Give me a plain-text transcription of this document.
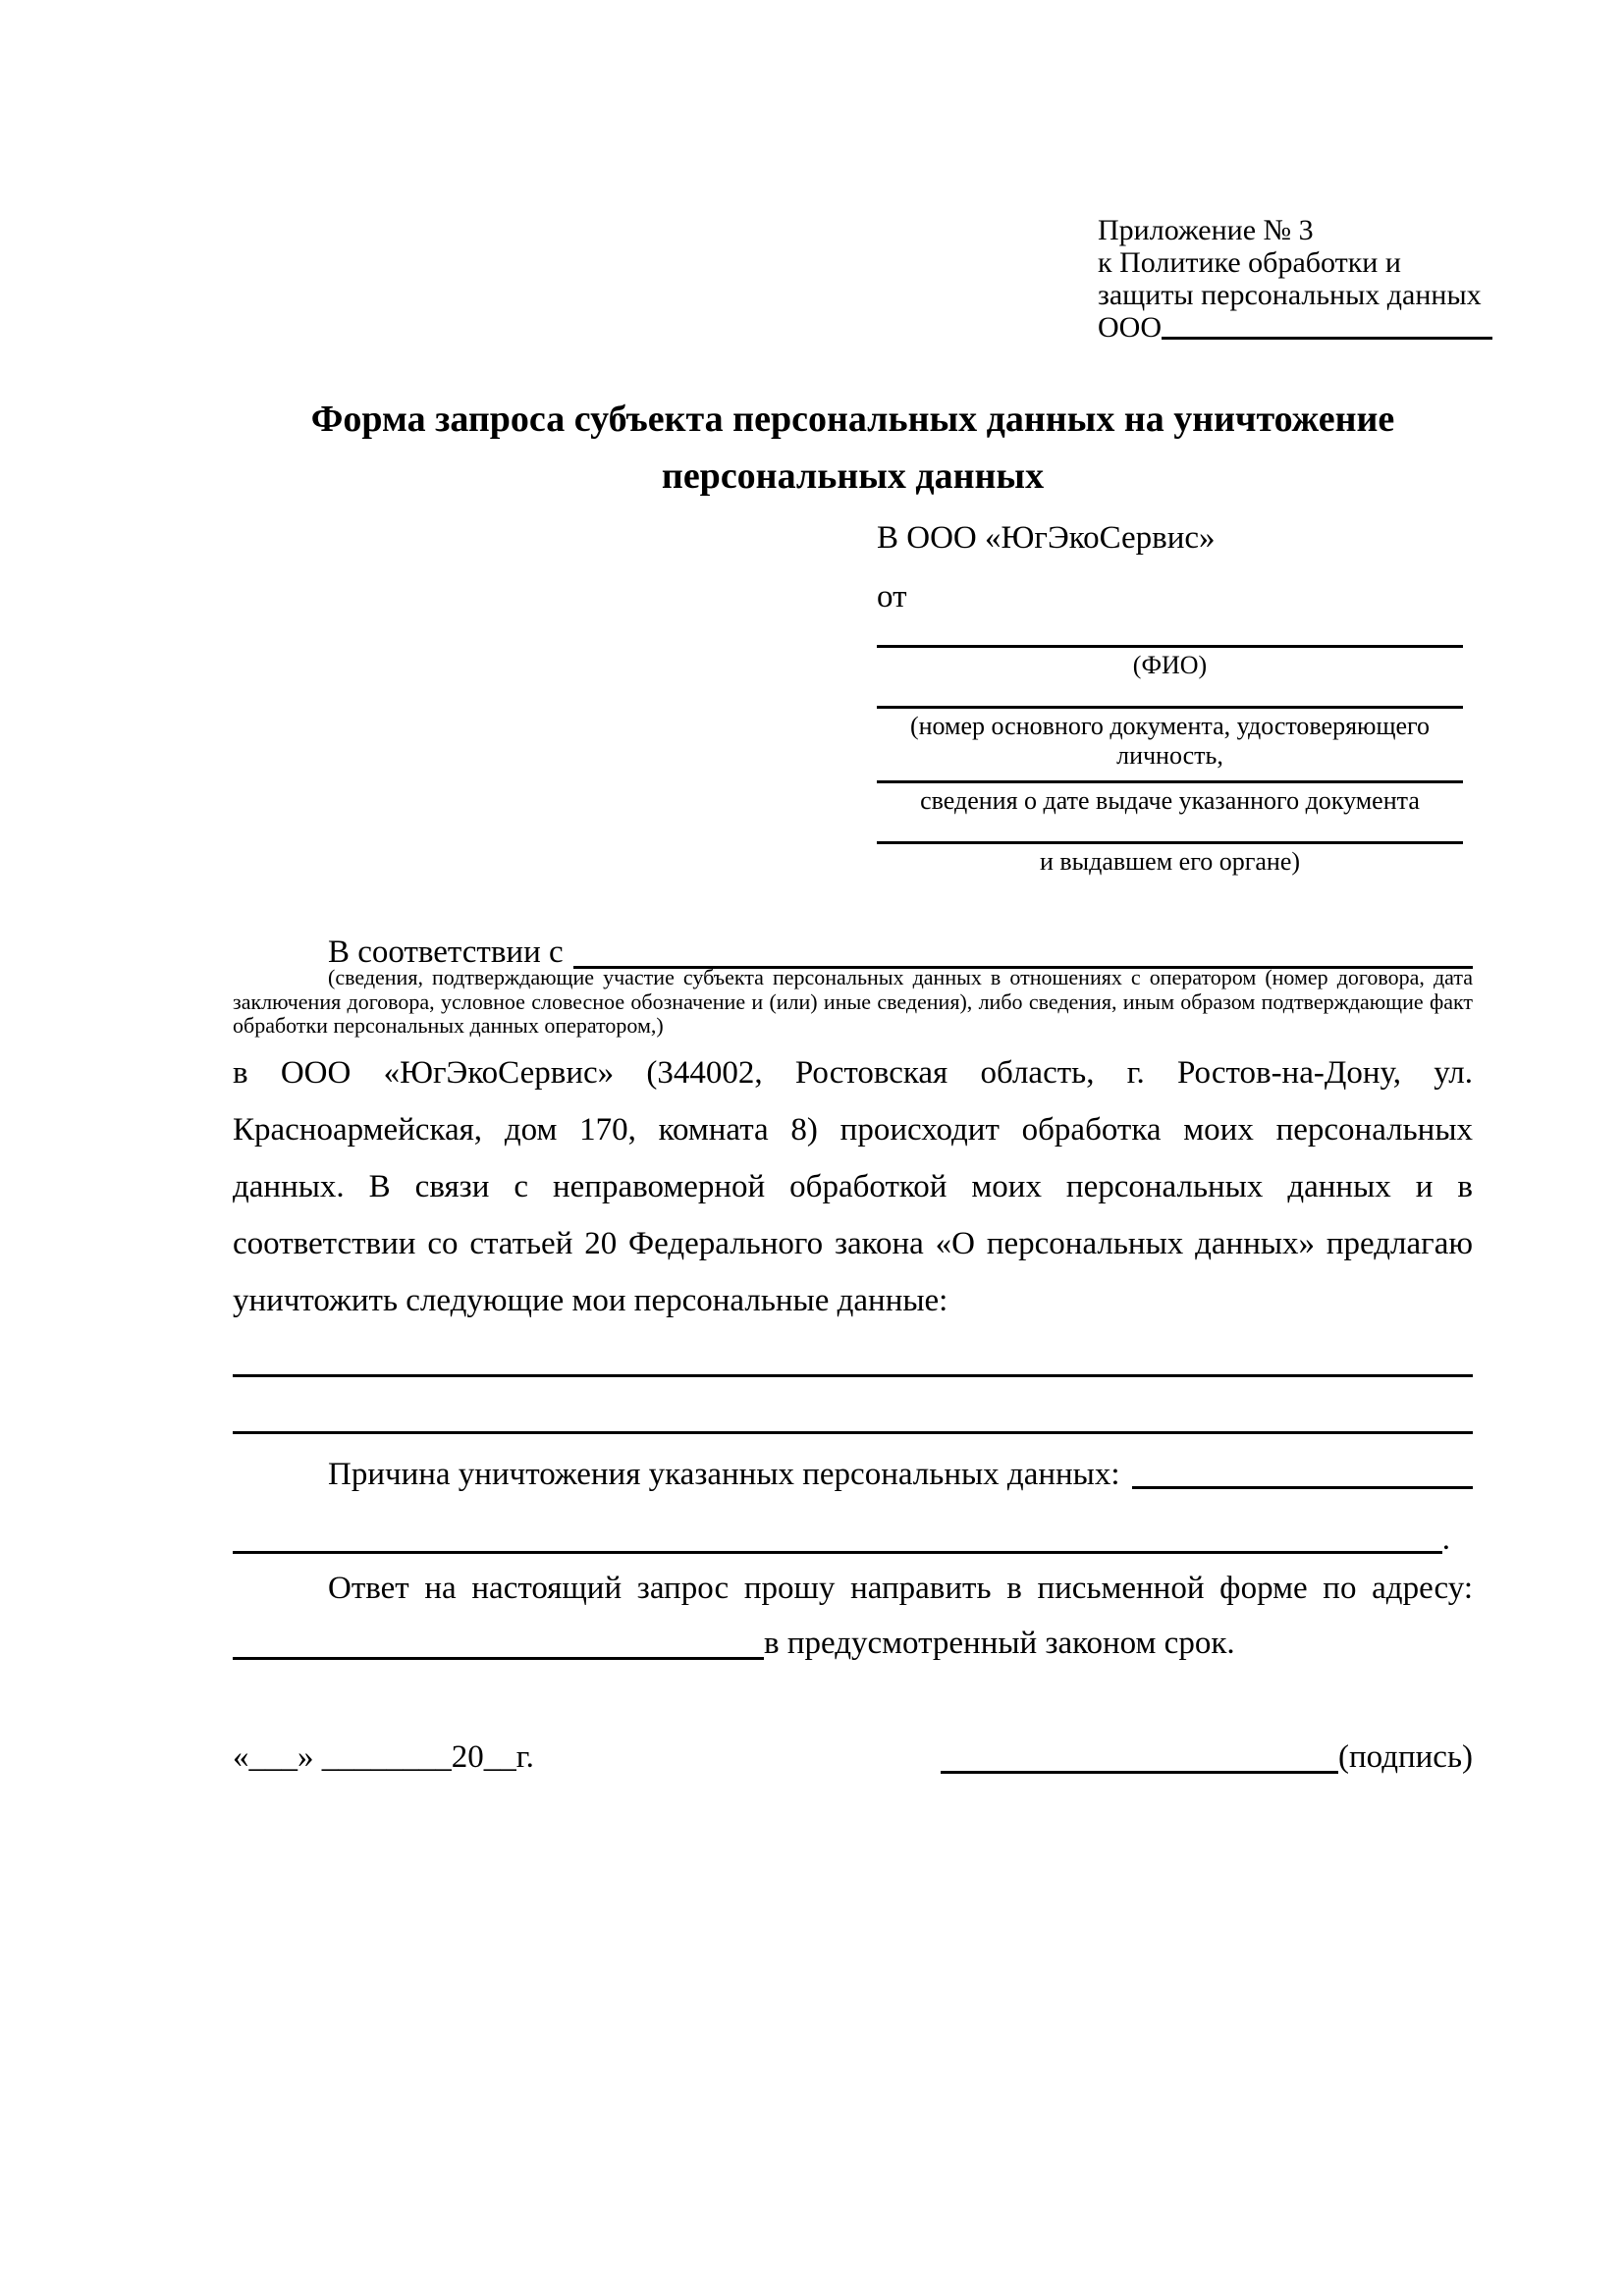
Приложение № 3
к Политике обработки и
защиты персональных данных
ООО
Форма запроса субъекта персональных данных на уничтожение персональных данных
В ООО «ЮгЭкоСервис»
от
(ФИО)
(номер основного документа, удостоверяющего личность,
сведения о дате выдаче указанного документа
и выдавшем его органе)
В соответствии с
(сведения, подтверждающие участие субъекта персональных данных в отношениях с оператором (номер договора, дата заключения договора, условное словесное обозначение и (или) иные сведения), либо сведения, иным образом подтверждающие факт обработки персональных данных оператором,)
в ООО «ЮгЭкоСервис» (344002, Ростовская область, г. Ростов-на-Дону, ул. Красноармейская, дом 170, комната 8) происходит обработка моих персональных данных. В связи с неправомерной обработкой моих персональных данных и в соответствии со статьей 20 Федерального закона «О персональных данных» предлагаю уничтожить следующие мои персональные данные:
Причина уничтожения указанных персональных данных:
.
Ответ на настоящий запрос прошу направить в письменной форме по адресу:
в предусмотренный законом срок.
«___» ________20__г.	(подпись)
